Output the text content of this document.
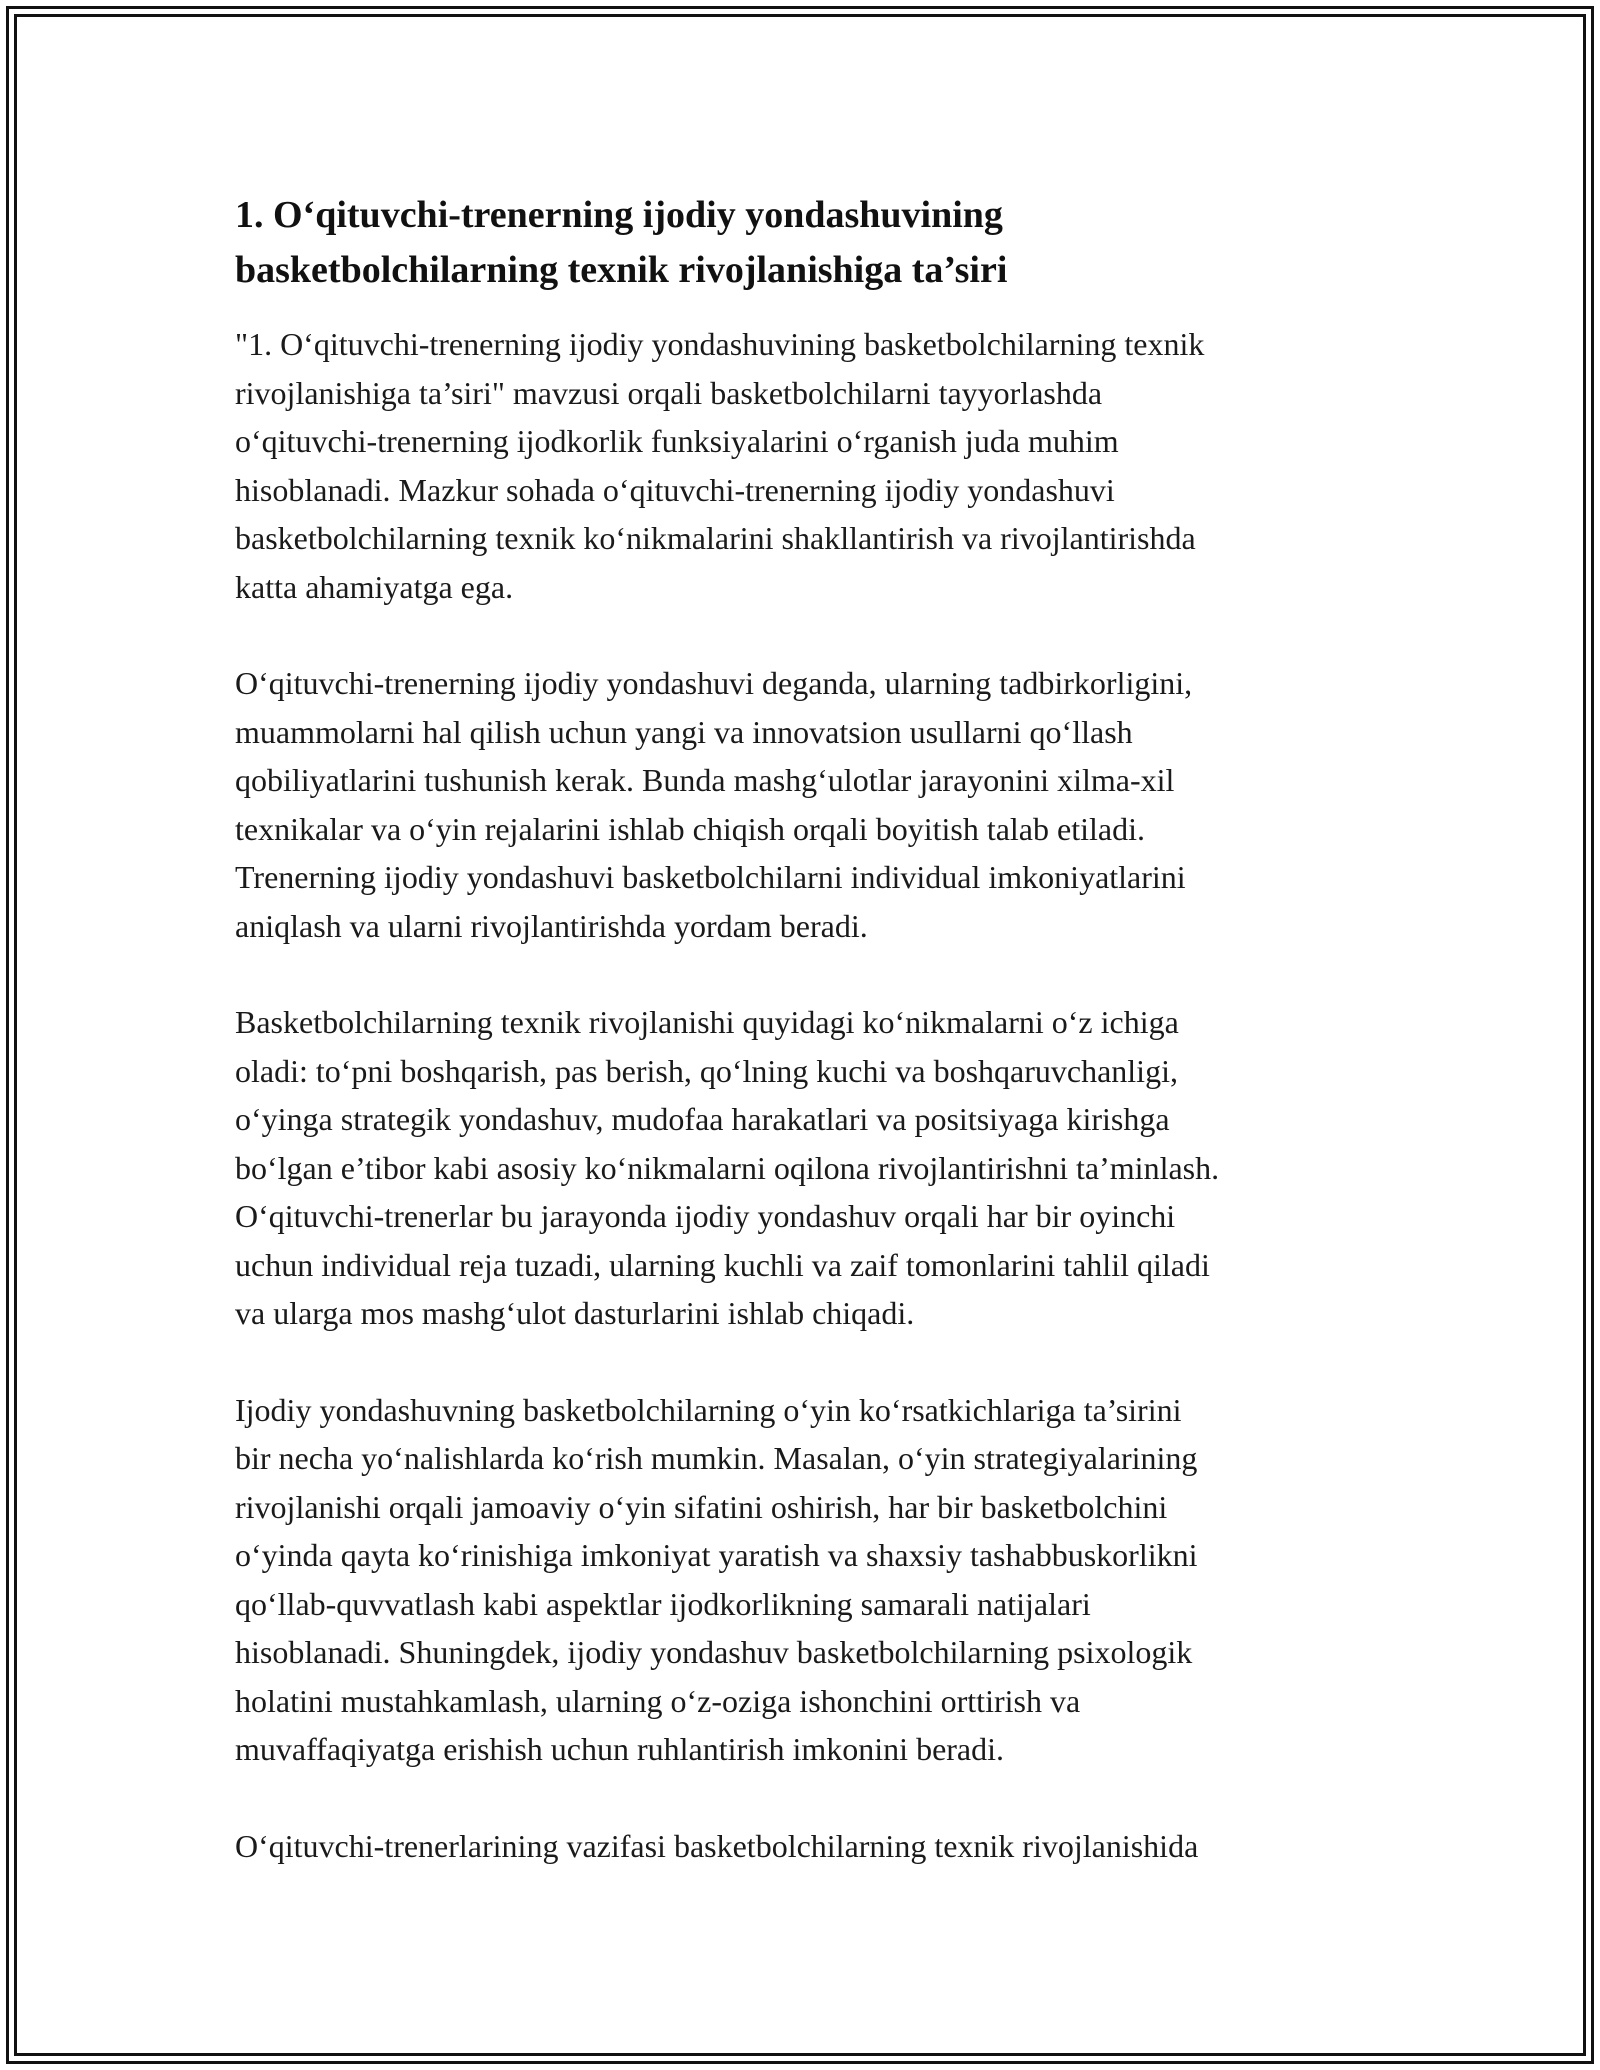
1. O‘qituvchi-trenerning ijodiy yondashuvining
basketbolchilarning texnik rivojlanishiga ta’siri

"1. O‘qituvchi-trenerning ijodiy yondashuvining basketbolchilarning texnik
rivojlanishiga ta’siri" mavzusi orqali basketbolchilarni tayyorlashda
o‘qituvchi-trenerning ijodkorlik funksiyalarini o‘rganish juda muhim
hisoblanadi. Mazkur sohada o‘qituvchi-trenerning ijodiy yondashuvi
basketbolchilarning texnik ko‘nikmalarini shakllantirish va rivojlantirishda
katta ahamiyatga ega.

O‘qituvchi-trenerning ijodiy yondashuvi deganda, ularning tadbirkorligini,
muammolarni hal qilish uchun yangi va innovatsion usullarni qo‘llash
qobiliyatlarini tushunish kerak. Bunda mashg‘ulotlar jarayonini xilma-xil
texnikalar va o‘yin rejalarini ishlab chiqish orqali boyitish talab etiladi.
Trenerning ijodiy yondashuvi basketbolchilarni individual imkoniyatlarini
aniqlash va ularni rivojlantirishda yordam beradi.

Basketbolchilarning texnik rivojlanishi quyidagi ko‘nikmalarni o‘z ichiga
oladi: to‘pni boshqarish, pas berish, qo‘lning kuchi va boshqaruvchanligi,
o‘yinga strategik yondashuv, mudofaa harakatlari va positsiyaga kirishga
bo‘lgan e’tibor kabi asosiy ko‘nikmalarni oqilona rivojlantirishni ta’minlash.
O‘qituvchi-trenerlar bu jarayonda ijodiy yondashuv orqali har bir oyinchi
uchun individual reja tuzadi, ularning kuchli va zaif tomonlarini tahlil qiladi
va ularga mos mashg‘ulot dasturlarini ishlab chiqadi.

Ijodiy yondashuvning basketbolchilarning o‘yin ko‘rsatkichlariga ta’sirini
bir necha yo‘nalishlarda ko‘rish mumkin. Masalan, o‘yin strategiyalarining
rivojlanishi orqali jamoaviy o‘yin sifatini oshirish, har bir basketbolchini
o‘yinda qayta ko‘rinishiga imkoniyat yaratish va shaxsiy tashabbuskorlikni
qo‘llab-quvvatlash kabi aspektlar ijodkorlikning samarali natijalari
hisoblanadi. Shuningdek, ijodiy yondashuv basketbolchilarning psixologik
holatini mustahkamlash, ularning o‘z-oziga ishonchini orttirish va
muvaffaqiyatga erishish uchun ruhlantirish imkonini beradi.

O‘qituvchi-trenerlarining vazifasi basketbolchilarning texnik rivojlanishida
